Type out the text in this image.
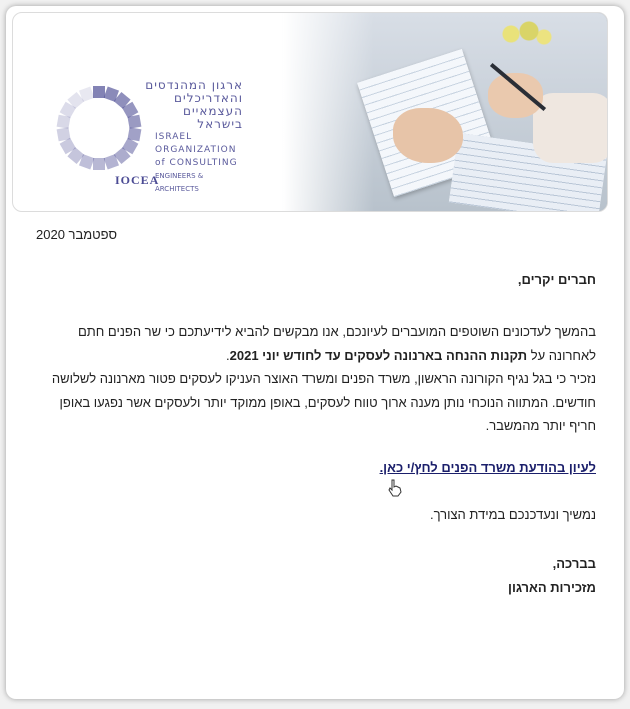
ארגון המהנדסים
והאדריכלים
העצמאיים
בישראל
ISRAEL
ORGANIZATION
of CONSULTING
ENGINEERS & ARCHITECTS
IOCEA
ספטמבר 2020
חברים יקרים,
בהמשך לעדכונים השוטפים המועברים לעיונכם, אנו מבקשים להביא לידיעתכם כי שר הפנים חתם לאחרונה על תקנות ההנחה בארנונה לעסקים עד לחודש יוני 2021.
נזכיר כי בגל נגיף הקורונה הראשון, משרד הפנים ומשרד האוצר העניקו לעסקים פטור מארנונה לשלושה חודשים. המתווה הנוכחי נותן מענה ארוך טווח לעסקים, באופן ממוקד יותר ולעסקים אשר נפגעו באופן חריף יותר מהמשבר.
לעיון בהודעת משרד הפנים לחץ/י כאן.
נמשיך ונעדכנכם במידת הצורך.
בברכה,
מזכירות הארגון
